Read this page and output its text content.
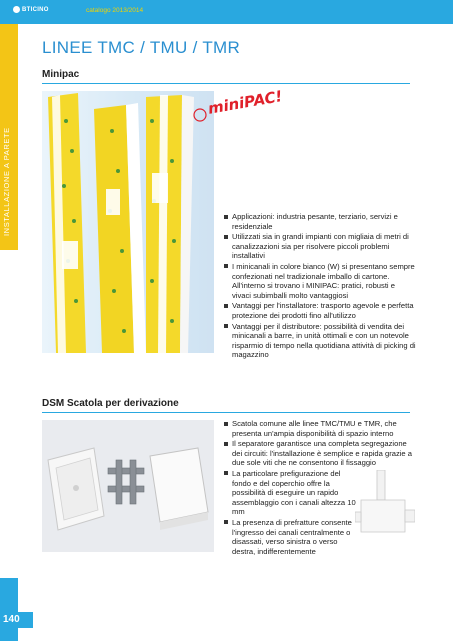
BTICINO	catalogo 2013/2014
INSTALLAZIONE A PARETE
140
LINEE TMC / TMU / TMR
Minipac
miniPAC!
Applicazioni: industria pesante, terziario, servizi e residenziale
Utilizzati sia in grandi impianti con migliaia di metri di canalizzazioni sia per risolvere piccoli problemi installativi
I minicanali in colore bianco (W) si presentano sempre confezionati nel tradizionale imballo di cartone. All'interno si trovano i MINIPAC: pratici, robusti e vivaci subimballi molto vantaggiosi
Vantaggi per l'installatore: trasporto agevole e perfetta protezione dei prodotti fino all'utilizzo
Vantaggi per il distributore: possibilità di vendita dei minicanali a barre, in unità ottimali e con un notevole risparmio di tempo nella quotidiana attività di picking di magazzino
DSM Scatola per derivazione
Scatola comune alle linee TMC/TMU e TMR, che presenta un'ampia disponibilità di spazio interno
Il separatore garantisce una completa segregazione dei circuiti: l'installazione è semplice e rapida grazie a due sole viti che ne consentono il fissaggio
La particolare prefigurazione del fondo e del coperchio offre la possibilità di eseguire un rapido assemblaggio con i canali altezza 10 mm
La presenza di prefratture consente l'ingresso dei canali centralmente o disassati, verso sinistra o verso destra, indifferentemente
